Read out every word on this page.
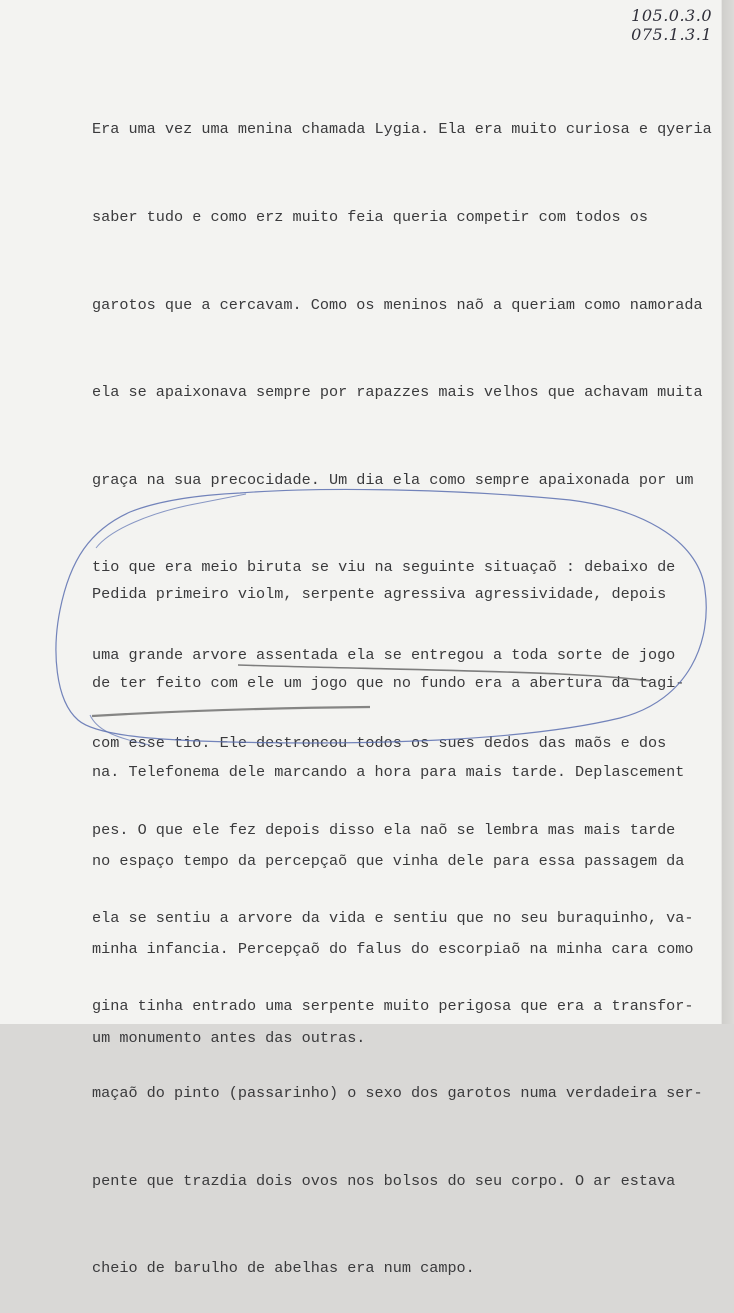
105.0.3.0
075.1.3.1

Era uma vez uma menina chamada Lygia. Ela era muito curiosa e qyeria

saber tudo e como erz muito feia queria competir com todos os

garotos que a cercavam. Como os meninos naõ a queriam como namorada

ela se apaixonava sempre por rapazzes mais velhos que achavam muita

graça na sua precocidade. Um dia ela como sempre apaixonada por um

tio que era meio biruta se viu na seguinte situaçaõ : debaixo de

uma grande arvore assentada ela se entregou a toda sorte de jogo

com esse tio. Ele destroncou todos os sues dedos das maõs e dos

pes. O que ele fez depois disso ela naõ se lembra mas mais tarde

ela se sentiu a arvore da vida e sentiu que no seu buraquinho, va-

gina tinha entrado uma serpente muito perigosa que era a transfor-

maçaõ do pinto (passarinho) o sexo dos garotos numa verdadeira ser-

pente que trazdia dois ovos nos bolsos do seu corpo. O ar estava

cheio de barulho de abelhas era num campo.

Pedida primeiro violm, serpente agressiva agressividade, depois

de ter feito com ele um jogo que no fundo era a abertura da tagi-

na. Telefonema dele marcando a hora para mais tarde. Deplascement

no espaço tempo da percepçaõ que vinha dele para essa passagem da

minha infancia. Percepçaõ do falus do escorpiaõ na minha cara como

um monumento antes das outras.
